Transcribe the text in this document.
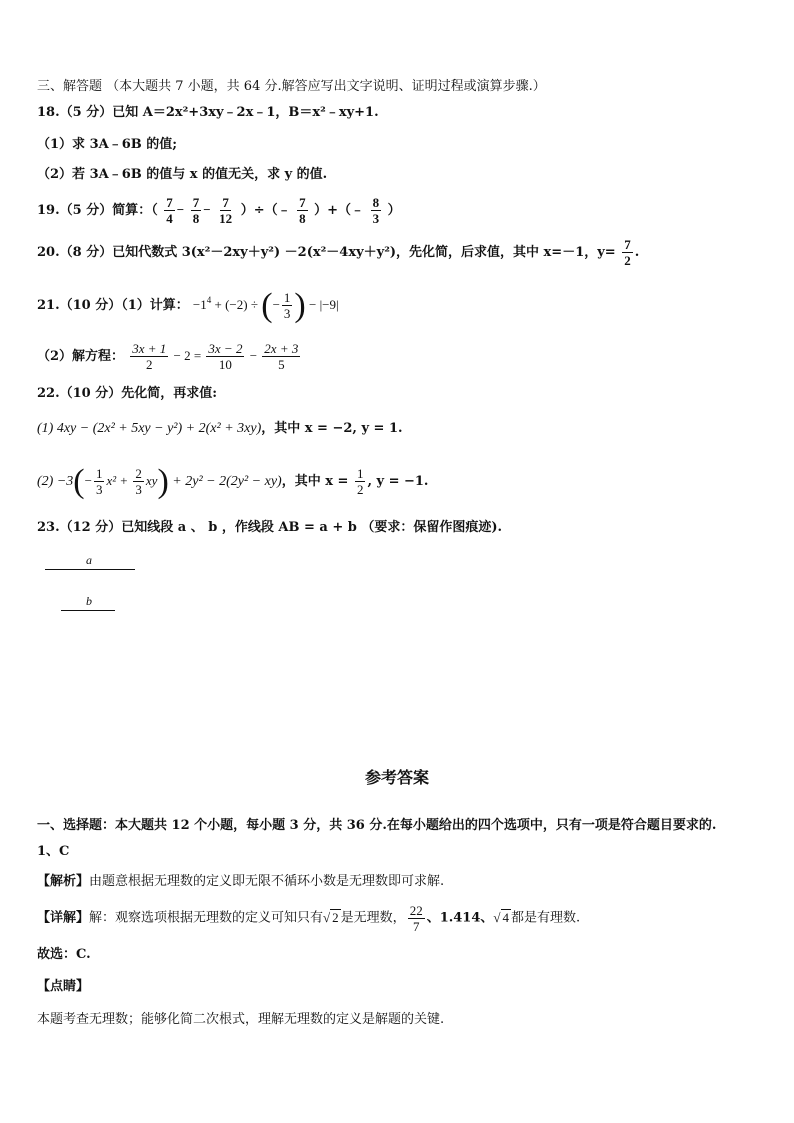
三、解答题 （本大题共 7 小题，共 64 分.解答应写出文字说明、证明过程或演算步骤.）
18.（5 分）已知 A＝2x²+3xy﹣2x﹣1，B＝x²﹣xy+1.
（1）求 3A﹣6B 的值;
（2）若 3A﹣6B 的值与 x 的值无关，求 y 的值.
19.（5 分）简算：（ $\frac{7}{4} - \frac{7}{8} - \frac{7}{12}$ ）÷（﹣ $\frac{7}{8}$ ）+（﹣ $\frac{8}{3}$ ）
20.（8 分）已知代数式 3(x²－2xy＋y²) －2(x²－4xy＋y²)，先化简，后求值，其中 x=－1，$y= \frac{7}{2}$ .
21.（10 分）（1）计算： $-1^4 + (-2)$ ÷ (− $\frac{1}{3}$ ) − |−9|
（2）解方程： $\frac{3x + 1}{2} - 2 = \frac{3x - 2}{10} - \frac{2x + 3}{5}$
22.（10 分）先化简，再求值:
(1) 4xy − (2x² + 5xy − y²) + 2(x² + 3xy)，其中 x = −2, y = 1.
$(2) -3(- \frac{1}{3} x^2 + \frac{2}{3} xy) + 2y^2 - 2(2y^2 - xy)$，其中 $x = \frac{1}{2}$ , y = −1.
23.（12 分）已知线段 a 、 b ，作线段 AB = a + b （要求：保留作图痕迹).
a
b
参考答案
一、选择题：本大题共 12 个小题，每小题 3 分，共 36 分.在每小题给出的四个选项中，只有一项是符合题目要求的.
1、C
【解析】由题意根据无理数的定义即无限不循环小数是无理数即可求解.
【详解】解：观察选项根据无理数的定义可知只有√ 2 是无理数， $\frac{22}{7}$ 、1.414、√ 4 都是有理数.
故选：C.
【点睛】
本题考查无理数；能够化简二次根式，理解无理数的定义是解题的关键.
